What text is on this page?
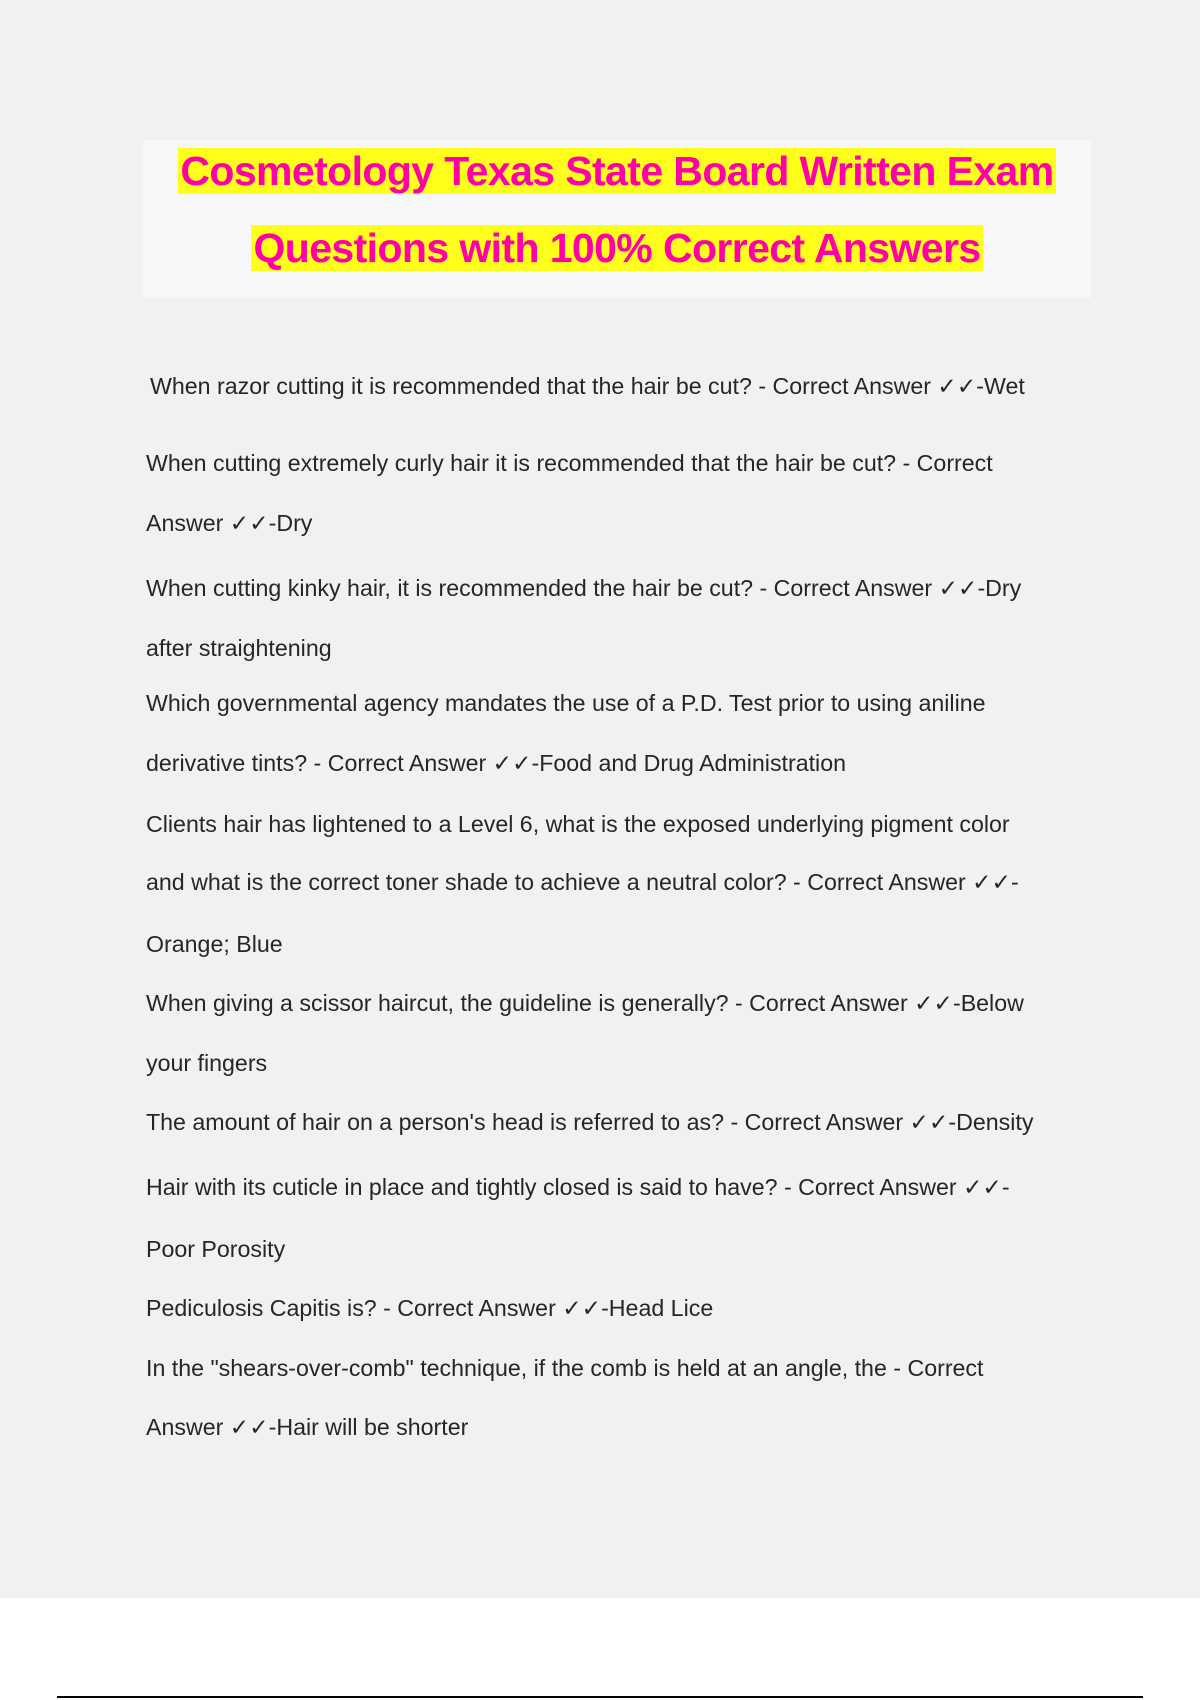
Cosmetology Texas State Board Written Exam
Questions with 100% Correct Answers
When razor cutting it is recommended that the hair be cut? - Correct Answer ✓✓-Wet
When cutting extremely curly hair it is recommended that the hair be cut? - Correct
Answer ✓✓-Dry
When cutting kinky hair, it is recommended the hair be cut? - Correct Answer ✓✓-Dry
after straightening
Which governmental agency mandates the use of a P.D. Test prior to using aniline
derivative tints? - Correct Answer ✓✓-Food and Drug Administration
Clients hair has lightened to a Level 6, what is the exposed underlying pigment color
and what is the correct toner shade to achieve a neutral color? - Correct Answer ✓✓-
Orange; Blue
When giving a scissor haircut, the guideline is generally? - Correct Answer ✓✓-Below
your fingers
The amount of hair on a person's head is referred to as? - Correct Answer ✓✓-Density
Hair with its cuticle in place and tightly closed is said to have? - Correct Answer ✓✓-
Poor Porosity
Pediculosis Capitis is? - Correct Answer ✓✓-Head Lice
In the "shears-over-comb" technique, if the comb is held at an angle, the - Correct
Answer ✓✓-Hair will be shorter
